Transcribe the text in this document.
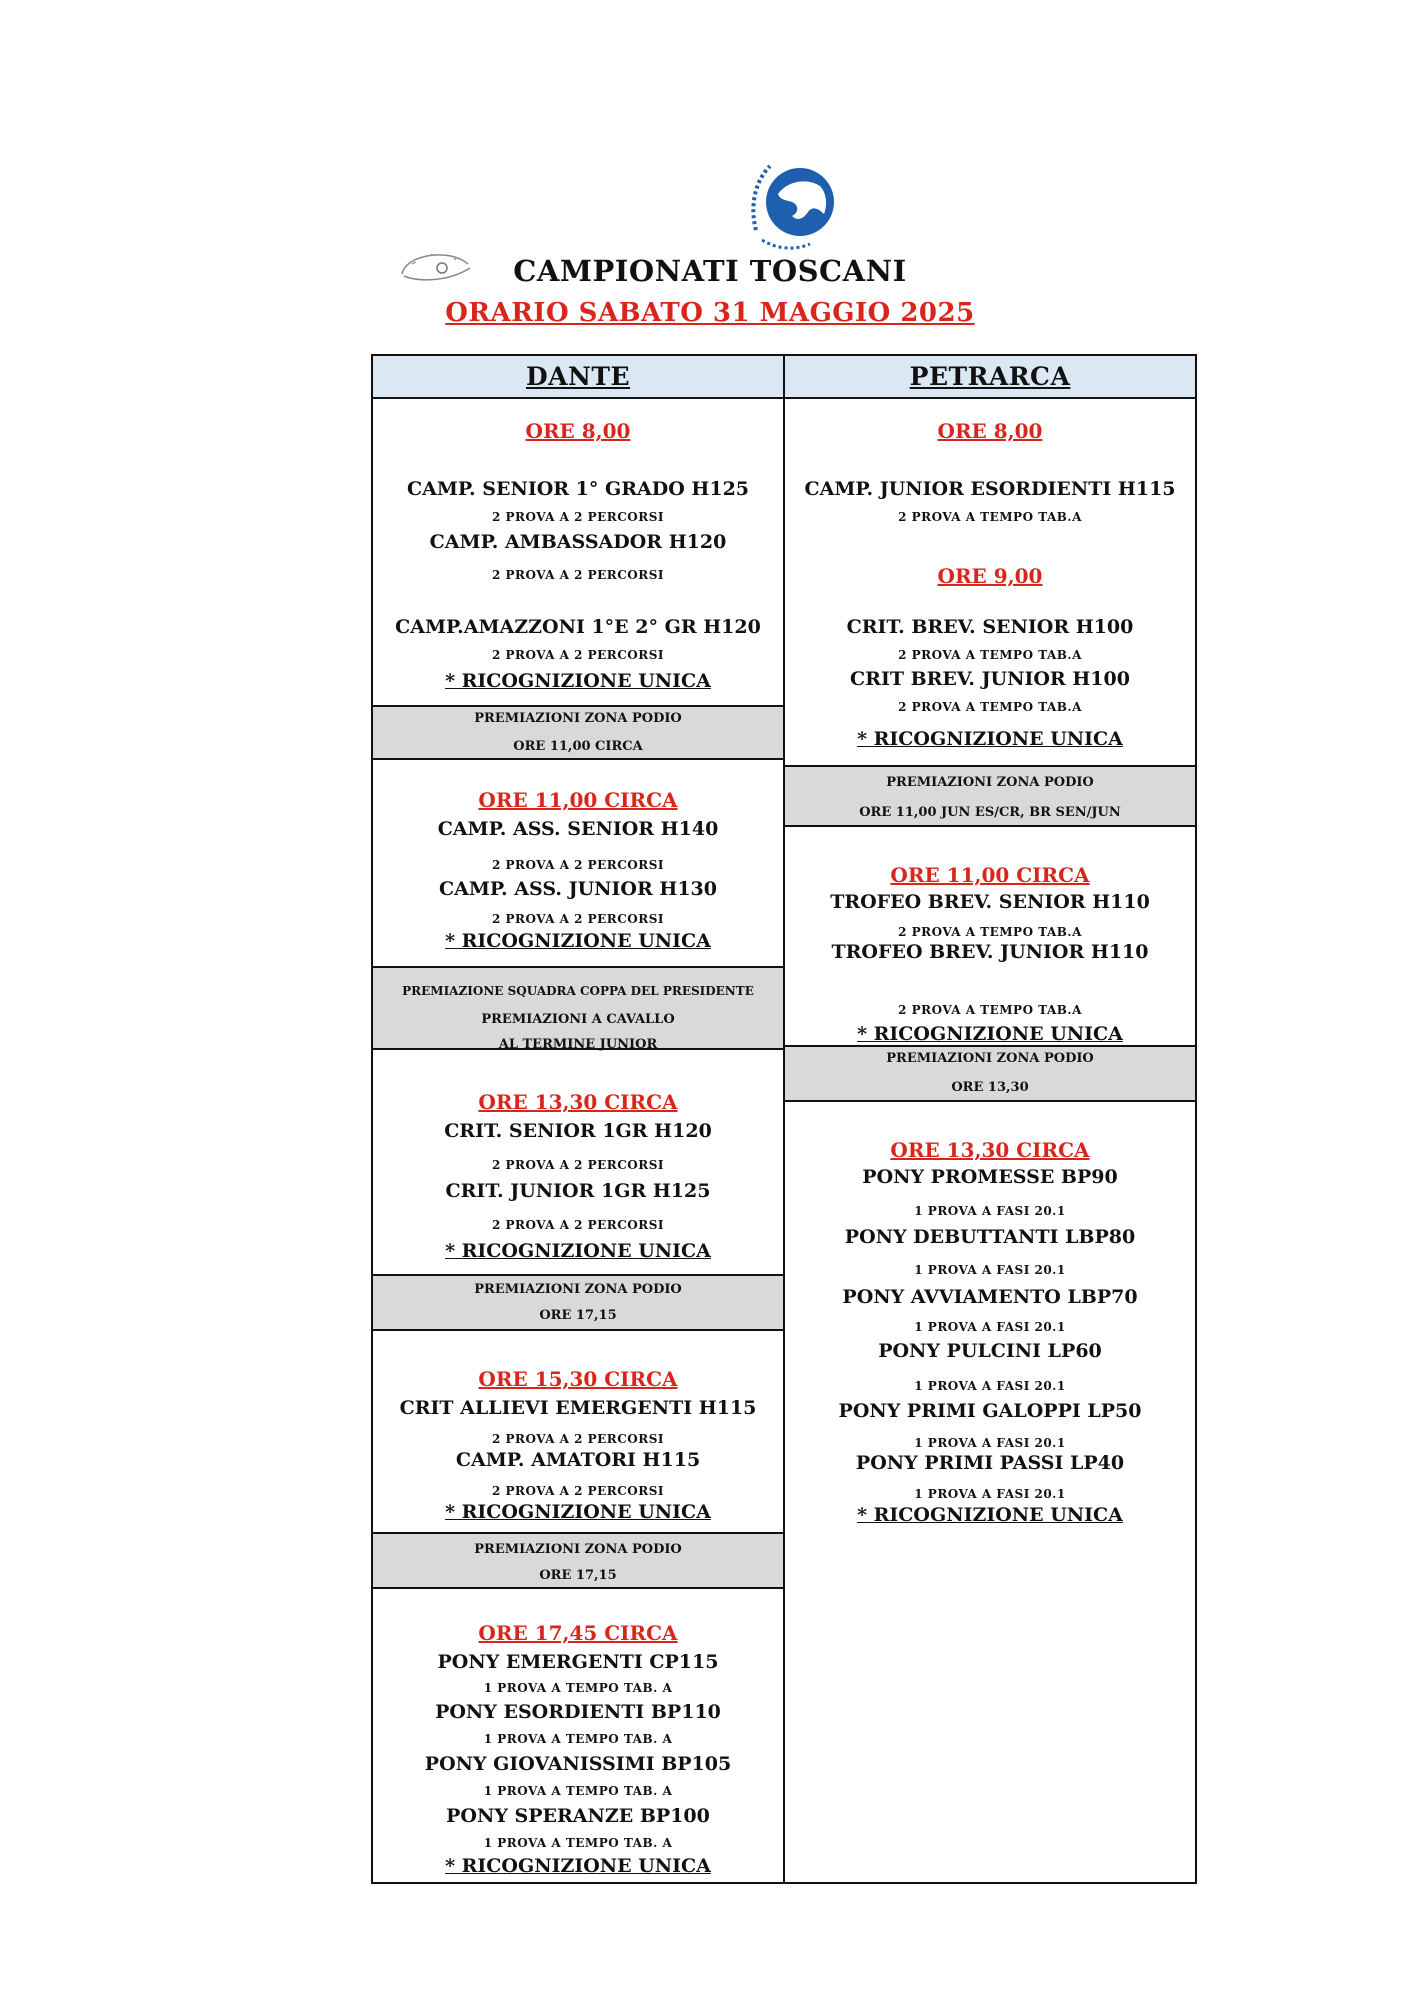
CAMPIONATI TOSCANI
ORARIO SABATO 31 MAGGIO 2025
DANTE
ORE 8,00
CAMP. SENIOR 1° GRADO H125
2 PROVA A 2 PERCORSI
CAMP. AMBASSADOR H120
2 PROVA A 2 PERCORSI
CAMP.AMAZZONI 1°E 2° GR H120
2 PROVA A 2 PERCORSI
* RICOGNIZIONE UNICA
PREMIAZIONI ZONA PODIO
ORE 11,00 CIRCA
ORE 11,00 CIRCA
CAMP. ASS. SENIOR H140
2 PROVA A 2 PERCORSI
CAMP. ASS. JUNIOR H130
2 PROVA A 2 PERCORSI
* RICOGNIZIONE UNICA
PREMIAZIONE SQUADRA COPPA DEL PRESIDENTE
PREMIAZIONI A CAVALLO
AL TERMINE JUNIOR
ORE 13,30 CIRCA
CRIT. SENIOR 1GR H120
2 PROVA A 2 PERCORSI
CRIT. JUNIOR 1GR H125
2 PROVA A 2 PERCORSI
* RICOGNIZIONE UNICA
PREMIAZIONI ZONA PODIO
ORE 17,15
ORE 15,30 CIRCA
CRIT ALLIEVI EMERGENTI H115
2 PROVA A 2 PERCORSI
CAMP. AMATORI H115
2 PROVA A 2 PERCORSI
* RICOGNIZIONE UNICA
PREMIAZIONI ZONA PODIO
ORE 17,15
ORE 17,45 CIRCA
PONY EMERGENTI CP115
1 PROVA A TEMPO TAB. A
PONY ESORDIENTI BP110
1 PROVA A TEMPO TAB. A
PONY GIOVANISSIMI BP105
1 PROVA A TEMPO TAB. A
PONY SPERANZE BP100
1 PROVA A TEMPO TAB. A
* RICOGNIZIONE UNICA
PETRARCA
ORE 8,00
CAMP. JUNIOR ESORDIENTI H115
2 PROVA A TEMPO TAB.A
ORE 9,00
CRIT. BREV. SENIOR H100
2 PROVA A TEMPO TAB.A
CRIT BREV. JUNIOR H100
2 PROVA A TEMPO TAB.A
* RICOGNIZIONE UNICA
PREMIAZIONI ZONA PODIO
ORE 11,00 JUN ES/CR, BR SEN/JUN
ORE 11,00 CIRCA
TROFEO BREV. SENIOR H110
2 PROVA A TEMPO TAB.A
TROFEO BREV. JUNIOR H110
2 PROVA A TEMPO TAB.A
* RICOGNIZIONE UNICA
PREMIAZIONI ZONA PODIO
ORE 13,30
ORE 13,30 CIRCA
PONY PROMESSE BP90
1 PROVA A FASI 20.1
PONY DEBUTTANTI LBP80
1 PROVA A FASI 20.1
PONY AVVIAMENTO LBP70
1 PROVA A FASI 20.1
PONY PULCINI LP60
1 PROVA A FASI 20.1
PONY PRIMI GALOPPI LP50
1 PROVA A FASI 20.1
PONY PRIMI PASSI LP40
1 PROVA A FASI 20.1
* RICOGNIZIONE UNICA
